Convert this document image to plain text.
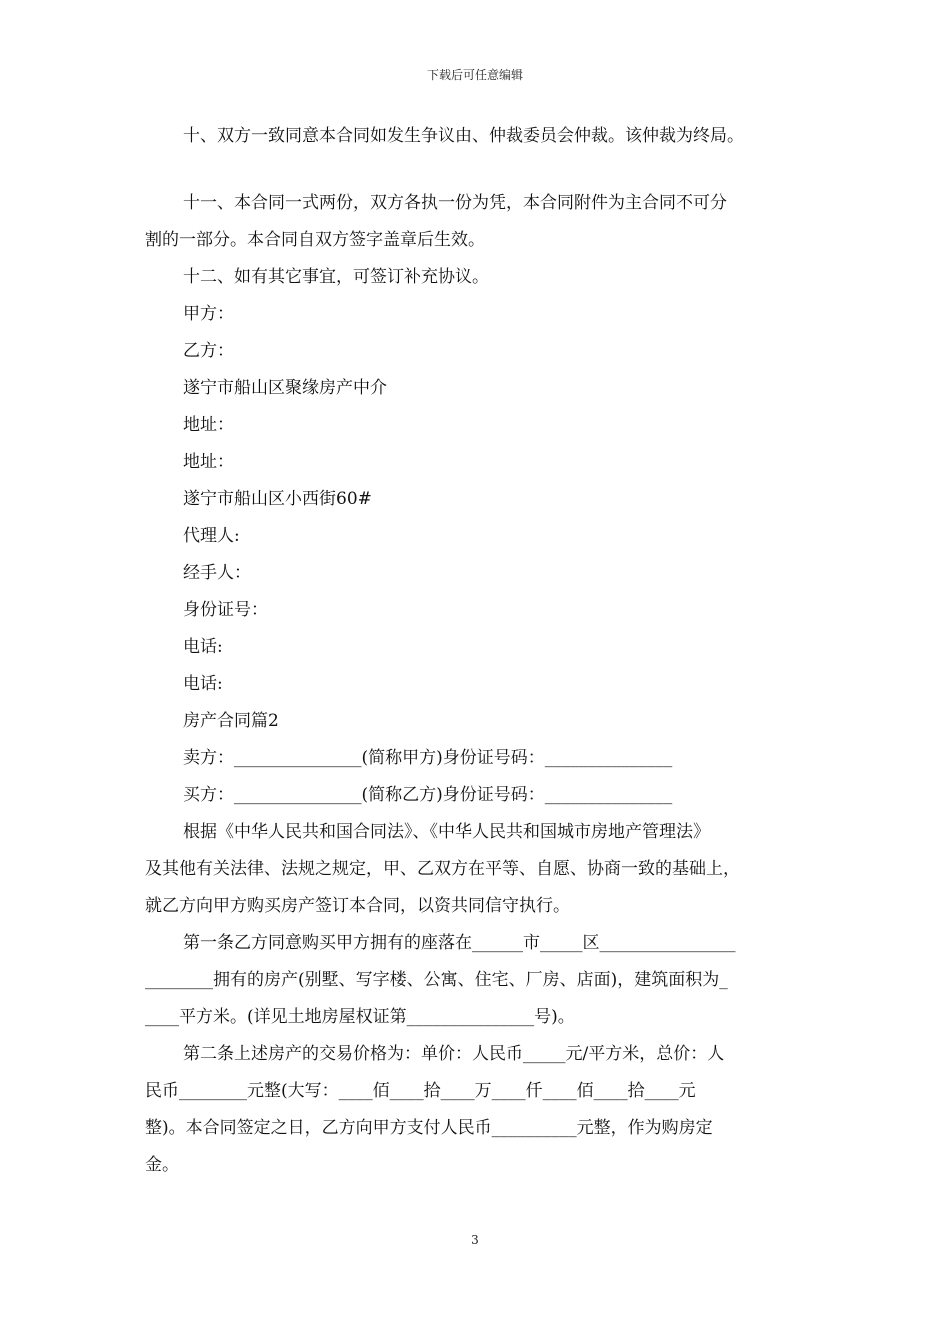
下载后可任意编辑

十、双方一致同意本合同如发生争议由、仲裁委员会仲裁。该仲裁为终局。

十一、本合同一式两份，双方各执一份为凭，本合同附件为主合同不可分

割的一部分。本合同自双方签字盖章后生效。

十二、如有其它事宜，可签订补充协议。

甲方：

乙方：

遂宁市船山区聚缘房产中介

地址：

地址：

遂宁市船山区小西街60#

代理人:

经手人：

身份证号：

电话:

电话:

房产合同篇2

卖方：_______________(简称甲方)身份证号码：_______________

买方：_______________(简称乙方)身份证号码：_______________

根据《中华人民共和国合同法》、《中华人民共和国城市房地产管理法》

及其他有关法律、法规之规定，甲、乙双方在平等、自愿、协商一致的基础上，

就乙方向甲方购买房产签订本合同，以资共同信守执行。

第一条乙方同意购买甲方拥有的座落在______市_____区________________

________拥有的房产(别墅、写字楼、公寓、住宅、厂房、店面)，建筑面积为_

____平方米。(详见土地房屋权证第_______________号)。

第二条上述房产的交易价格为：单价：人民币_____元/平方米，总价：人

民币________元整(大写：____佰____拾____万____仟____佰____拾____元

整)。本合同签定之日，乙方向甲方支付人民币__________元整，作为购房定

金。

3
